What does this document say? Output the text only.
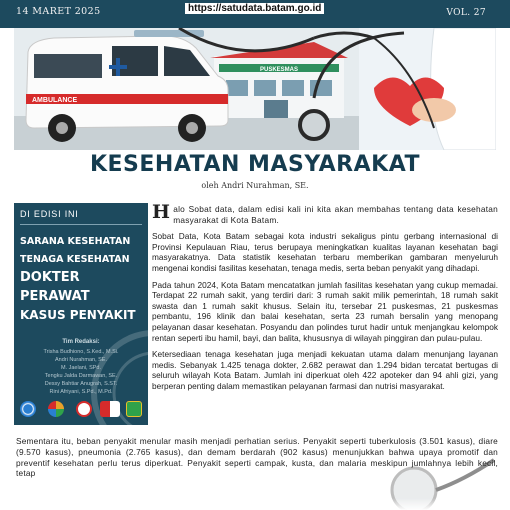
14 MARET 2025	https://satudata.batam.go.id	VOL. 27
PUSKESMAS
AMBULANCE
KESEHATAN MASYARAKAT
oleh Andri Nurahman, SE.
DI EDISI INI
SARANA KESEHATAN
TENAGA KESEHATAN
DOKTER
PERAWAT
KASUS PENYAKIT
Tim Redaksi:
Trisha Budhiono, S.Ked., M.Si.
Andri Nurahman, SE.
M. Jaelani, SPd.
Tengku Jalda Darmawan, SE.
Dessy Bahtiar Anugrah, S.ST.
Rini Afriyani, S.Pd., M.Pd.

Halo Sobat data, dalam edisi kali ini kita akan membahas tentang data kesehatan masyarakat di Kota Batam.

Sobat Data, Kota Batam sebagai kota industri sekaligus pintu gerbang internasional di Provinsi Kepulauan Riau, terus berupaya meningkatkan kualitas layanan kesehatan bagi masyarakatnya. Data statistik kesehatan terbaru memberikan gambaran menyeluruh mengenai kondisi fasilitas kesehatan, tenaga medis, serta beban penyakit yang dihadapi.

Pada tahun 2024, Kota Batam mencatatkan jumlah fasilitas kesehatan yang cukup memadai. Terdapat 22 rumah sakit, yang terdiri dari: 3 rumah sakit milik pemerintah, 18 rumah sakit swasta dan 1 rumah sakit khusus. Selain itu, tersebar 21 puskesmas, 21 puskesmas pembantu, 196 klinik dan balai kesehatan, serta 23 rumah bersalin yang menopang pelayanan dasar kesehatan. Posyandu dan polindes turut hadir untuk menjangkau kelompok rentan seperti ibu hamil, bayi, dan balita, khususnya di wilayah pinggiran dan pulau-pulau.

Ketersediaan tenaga kesehatan juga menjadi kekuatan utama dalam menunjang layanan medis. Sebanyak 1.425 tenaga dokter, 2.682 perawat dan 1.294 bidan tercatat bertugas di seluruh wilayah Kota Batam. Jumlah ini diperkuat oleh 422 apoteker dan 94 ahli gizi, yang berperan penting dalam memastikan pelayanan farmasi dan nutrisi masyarakat.

Sementara itu, beban penyakit menular masih menjadi perhatian serius. Penyakit seperti tuberkulosis (3.501 kasus), diare (9.570 kasus), pneumonia (2.765 kasus), dan demam berdarah (902 kasus) menunjukkan bahwa upaya promotif dan preventif kesehatan perlu terus diperkuat. Penyakit seperti campak, kusta, dan malaria meskipun jumlahnya lebih kecil, tetap
